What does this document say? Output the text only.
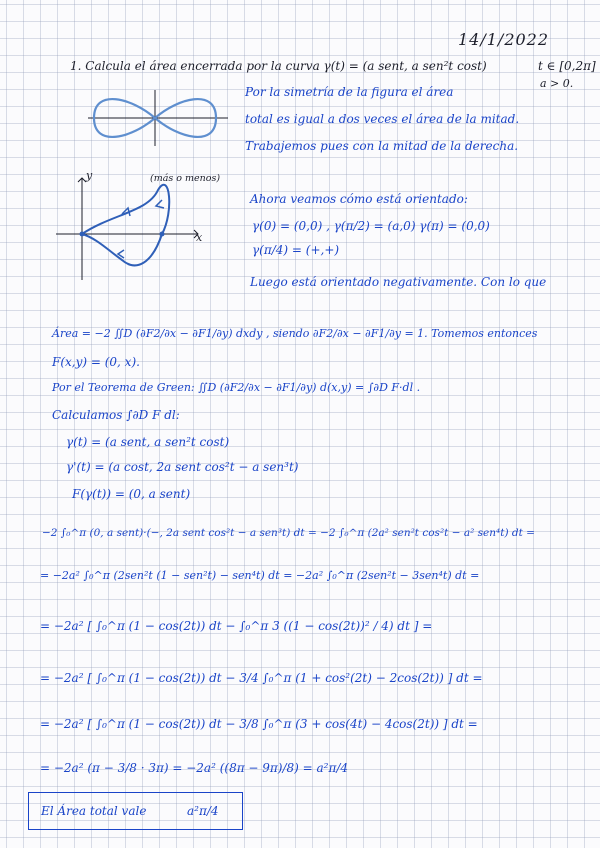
14/1/2022
1. Calcula el área encerrada por la curva γ(t) = (a sent, a sen²t cost)	t ∈ [0,2π]
a > 0.
Por la simetría de la figura el área
total es igual a dos veces el área de la mitad.
Trabajemos pues con la mitad de la derecha.
(más o menos)
y
x
Ahora veamos cómo está orientado:
γ(0) = (0,0) , γ(π/2) = (a,0) γ(π) = (0,0)
γ(π/4) = (+,+)
Luego está orientado negativamente. Con lo que
Área = −2 ∬D (∂F2/∂x − ∂F1/∂y) dxdy , siendo ∂F2/∂x − ∂F1/∂y = 1. Tomemos entonces
F(x,y) = (0, x).
Por el Teorema de Green: ∬D (∂F2/∂x − ∂F1/∂y) d(x,y) = ∫∂D F·dl .
Calculamos ∫∂D F dl:
γ(t) = (a sent, a sen²t cost)
γ'(t) = (a cost, 2a sent cos²t − a sen³t)
F(γ(t)) = (0, a sent)
−2 ∫₀^π (0, a sent)·(−, 2a sent cos²t − a sen³t) dt = −2 ∫₀^π (2a² sen²t cos²t − a² sen⁴t) dt =
= −2a² ∫₀^π (2sen²t (1 − sen²t) − sen⁴t) dt = −2a² ∫₀^π (2sen²t − 3sen⁴t) dt =
= −2a² [ ∫₀^π (1 − cos(2t)) dt − ∫₀^π 3 ((1 − cos(2t))² / 4) dt ] =
= −2a² [ ∫₀^π (1 − cos(2t)) dt − 3/4 ∫₀^π (1 + cos²(2t) − 2cos(2t)) ] dt =
= −2a² [ ∫₀^π (1 − cos(2t)) dt − 3/8 ∫₀^π (3 + cos(4t) − 4cos(2t)) ] dt =
= −2a² (π − 3/8 · 3π) = −2a² ((8π − 9π)/8) = a²π/4
El Área total vale	a²π/4
